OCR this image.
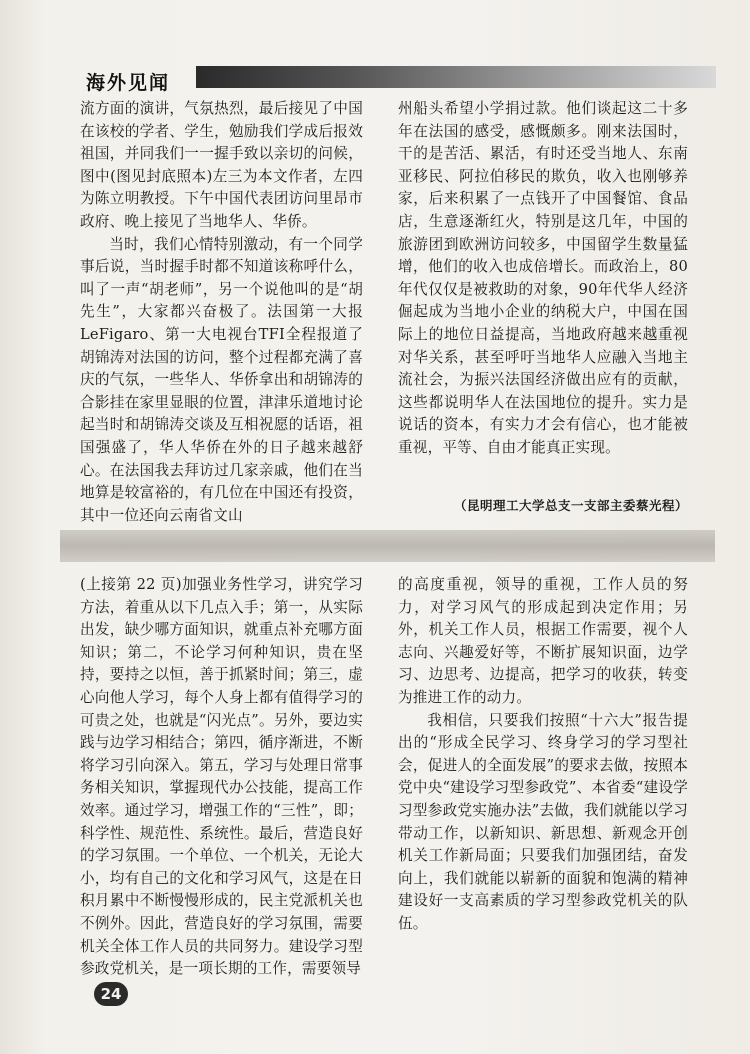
海外见闻

流方面的演讲，气氛热烈，最后接见了中国在该校的学者、学生，勉励我们学成后报效祖国，并同我们一一握手致以亲切的问候，图中(图见封底照本)左三为本文作者，左四为陈立明教授。下午中国代表团访问里昂市政府、晚上接见了当地华人、华侨。

当时，我们心情特别激动，有一个同学事后说，当时握手时都不知道该称呼什么，叫了一声“胡老师”，另一个说他叫的是“胡先生”，大家都兴奋极了。法国第一大报LeFigaro、第一大电视台TFI全程报道了胡锦涛对法国的访问，整个过程都充满了喜庆的气氛，一些华人、华侨拿出和胡锦涛的合影挂在家里显眼的位置，津津乐道地讨论起当时和胡锦涛交谈及互相祝愿的话语，祖国强盛了，华人华侨在外的日子越来越舒心。在法国我去拜访过几家亲戚，他们在当地算是较富裕的，有几位在中国还有投资，其中一位还向云南省文山

州船头希望小学捐过款。他们谈起这二十多年在法国的感受，感慨颇多。刚来法国时，干的是苦活、累活，有时还受当地人、东南亚移民、阿拉伯移民的欺负，收入也刚够养家，后来积累了一点钱开了中国餐馆、食品店，生意逐渐红火，特别是这几年，中国的旅游团到欧洲访问较多，中国留学生数量猛增，他们的收入也成倍增长。而政治上，80年代仅仅是被救助的对象，90年代华人经济倔起成为当地小企业的纳税大户，中国在国际上的地位日益提高，当地政府越来越重视对华关系，甚至呼吁当地华人应融入当地主流社会，为振兴法国经济做出应有的贡献，这些都说明华人在法国地位的提升。实力是说话的资本，有实力才会有信心，也才能被重视，平等、自由才能真正实现。

（昆明理工大学总支一支部主委蔡光程）

(上接第 22 页)加强业务性学习，讲究学习方法，着重从以下几点入手；第一，从实际出发，缺少哪方面知识，就重点补充哪方面知识；第二，不论学习何种知识，贵在坚持，要持之以恒，善于抓紧时间；第三，虚心向他人学习，每个人身上都有值得学习的可贵之处，也就是“闪光点”。另外，要边实践与边学习相结合；第四，循序渐进，不断将学习引向深入。第五，学习与处理日常事务相关知识，掌握现代办公技能，提高工作效率。通过学习，增强工作的“三性”，即；科学性、规范性、系统性。最后，营造良好的学习氛围。一个单位、一个机关，无论大小，均有自己的文化和学习风气，这是在日积月累中不断慢慢形成的，民主党派机关也不例外。因此，营造良好的学习氛围，需要机关全体工作人员的共同努力。建设学习型参政党机关，是一项长期的工作，需要领导

的高度重视，领导的重视，工作人员的努力，对学习风气的形成起到决定作用；另外，机关工作人员，根据工作需要，视个人志向、兴趣爱好等，不断扩展知识面，边学习、边思考、边提高，把学习的收获，转变为推进工作的动力。

我相信，只要我们按照“十六大”报告提出的“形成全民学习、终身学习的学习型社会，促进人的全面发展”的要求去做，按照本党中央“建设学习型参政党”、本省委“建设学习型参政党实施办法”去做，我们就能以学习带动工作，以新知识、新思想、新观念开创机关工作新局面；只要我们加强团结，奋发向上，我们就能以崭新的面貌和饱满的精神建设好一支高素质的学习型参政党机关的队伍。

24
